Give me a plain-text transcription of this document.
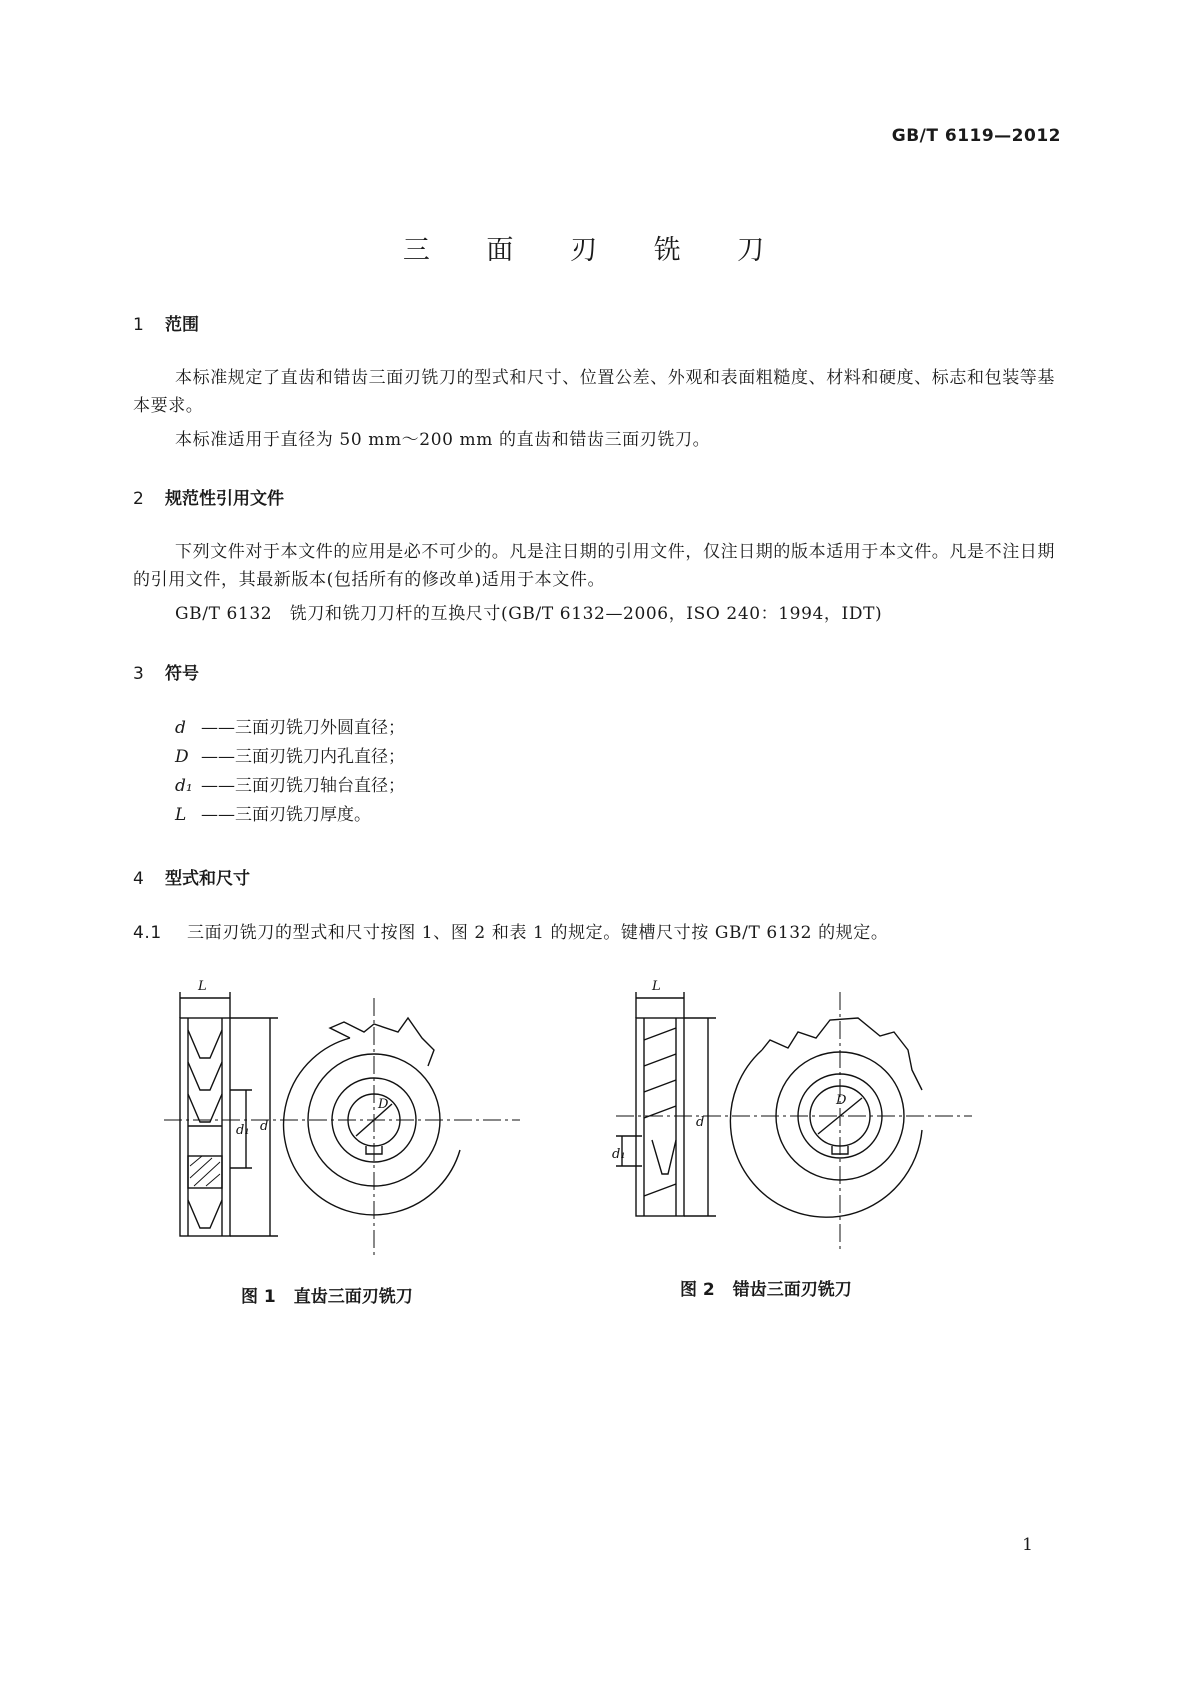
GB/T 6119—2012
三 面 刃 铣 刀
1 范围
本标准规定了直齿和错齿三面刃铣刀的型式和尺寸、位置公差、外观和表面粗糙度、材料和硬度、标志和包装等基本要求。
本标准适用于直径为 50 mm～200 mm 的直齿和错齿三面刃铣刀。
2 规范性引用文件
下列文件对于本文件的应用是必不可少的。凡是注日期的引用文件，仅注日期的版本适用于本文件。凡是不注日期的引用文件，其最新版本(包括所有的修改单)适用于本文件。
GB/T 6132　铣刀和铣刀刀杆的互换尺寸(GB/T 6132—2006，ISO 240：1994，IDT)
3 符号
d ——三面刃铣刀外圆直径；
D ——三面刃铣刀内孔直径；
d₁ ——三面刃铣刀轴台直径；
L ——三面刃铣刀厚度。
4 型式和尺寸
4.1 三面刃铣刀的型式和尺寸按图 1、图 2 和表 1 的规定。键槽尺寸按 GB/T 6132 的规定。
L
d₁ d
D
图 1 直齿三面刃铣刀
L
d₁
d
D
图 2 错齿三面刃铣刀
1
